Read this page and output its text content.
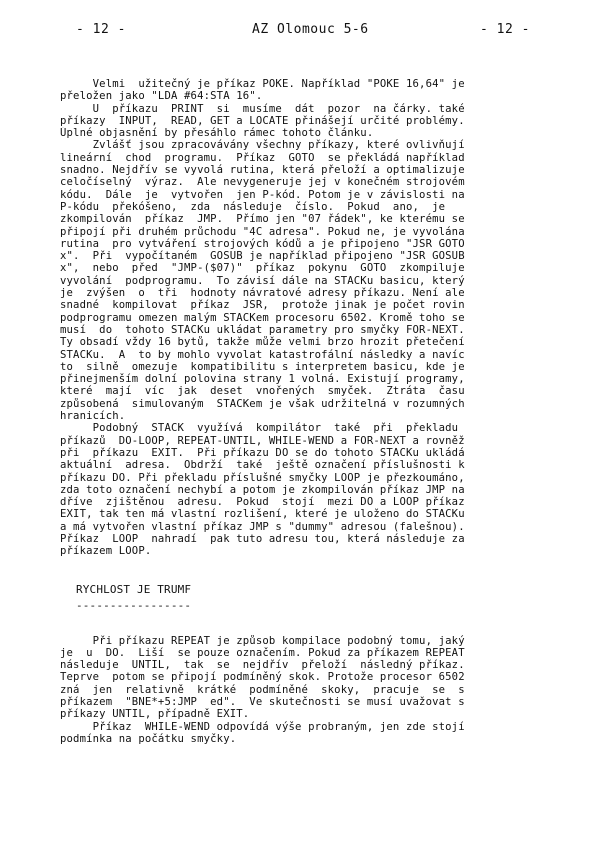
- 12 -	AZ Olomouc 5-6	- 12 -
Velmi  užitečný je příkaz POKE. Například "POKE 16,64" je
přeložen jako "LDA #64:STA 16".
U  příkazu  PRINT  si  musíme  dát  pozor  na čárky. také
příkazy  INPUT,  READ, GET a LOCATE přinášejí určité problémy.
Úplné objasnění by přesáhlo rámec tohoto článku.
Zvlášť jsou zpracovávány všechny příkazy, které ovlivňují
lineární  chod  programu.  Příkaz  GOTO  se překládá například
snadno. Nejdřív se vyvolá rutina, která přeloží a optimalizuje
celočíselný  výraz.  Ale nevygeneruje jej v konečném strojovém
kódu.  Dále  je  vytvořen  jen P-kód. Potom je v závislosti na
P-kódu  překóšeno,  zda  následuje  číslo.  Pokud  ano,  je
zkompilován  příkaz  JMP.  Přímo jen "07 řádek", ke kterému se
připojí při druhém průchodu "4C adresa". Pokud ne, je vyvolána
rutina  pro vytváření strojových kódů a je připojeno "JSR GOTO
x".  Při  vypočítaném  GOSUB je například připojeno "JSR GOSUB
x",  nebo  před  "JMP-($07)"  příkaz  pokynu  GOTO  zkompiluje
vyvolání  podprogramu.  To závisí dále na STACKu basicu, který
je  zvýšen  o  tři  hodnoty návratové adresy příkazu. Není ale
snadné  kompilovat  příkaz  JSR,  protože jinak je počet rovin
podprogramu omezen malým STACKem procesoru 6502. Kromě toho se
musí  do  tohoto STACKu ukládat parametry pro smyčky FOR-NEXT.
Ty obsadí vždy 16 bytů, takže může velmi brzo hrozit přetečení
STACKu.  A  to by mohlo vyvolat katastrofální následky a navíc
to  silně  omezuje  kompatibilitu s interpretem basicu, kde je
přinejmenším dolní polovina strany 1 volná. Existují programy,
které  mají  víc  jak  deset  vnořených  smyček.  Ztráta  času
způsobená  simulovaným  STACKem je však udržitelná v rozumných
hranicích.
Podobný  STACK  využívá  kompilátor  také  při  překladu
příkazů  DO-LOOP, REPEAT-UNTIL, WHILE-WEND a FOR-NEXT a rovněž
při  příkazu  EXIT.  Při příkazu DO se do tohoto STACKu ukládá
aktuální  adresa.  Obdrží  také  ještě označení příslušnosti k
příkazu DO. Při překladu příslušné smyčky LOOP je přezkoumáno,
zda toto označení nechybí a potom je zkompilován příkaz JMP na
dříve  zjištěnou  adresu.  Pokud  stojí  mezi DO a LOOP příkaz
EXIT, tak ten má vlastní rozlišení, které je uloženo do STACKu
a má vytvořen vlastní příkaz JMP s "dummy" adresou (falešnou).
Příkaz  LOOP  nahradí  pak tuto adresu tou, která následuje za
příkazem LOOP.
RYCHLOST JE TRUMF
-----------------
Při příkazu REPEAT je způsob kompilace podobný tomu, jaký
je  u  DO.  Liší  se pouze označením. Pokud za příkazem REPEAT
následuje  UNTIL,  tak  se  nejdřív  přeloží  následný příkaz.
Teprve  potom se připojí podmíněný skok. Protože procesor 6502
zná  jen  relativně  krátké  podmíněné  skoky,  pracuje  se  s
příkazem  "BNE*+5:JMP  ed".  Ve skutečnosti se musí uvažovat s
příkazy UNTIL, případně EXIT.
Příkaz  WHILE-WEND odpovídá výše probraným, jen zde stojí
podmínka na počátku smyčky.
